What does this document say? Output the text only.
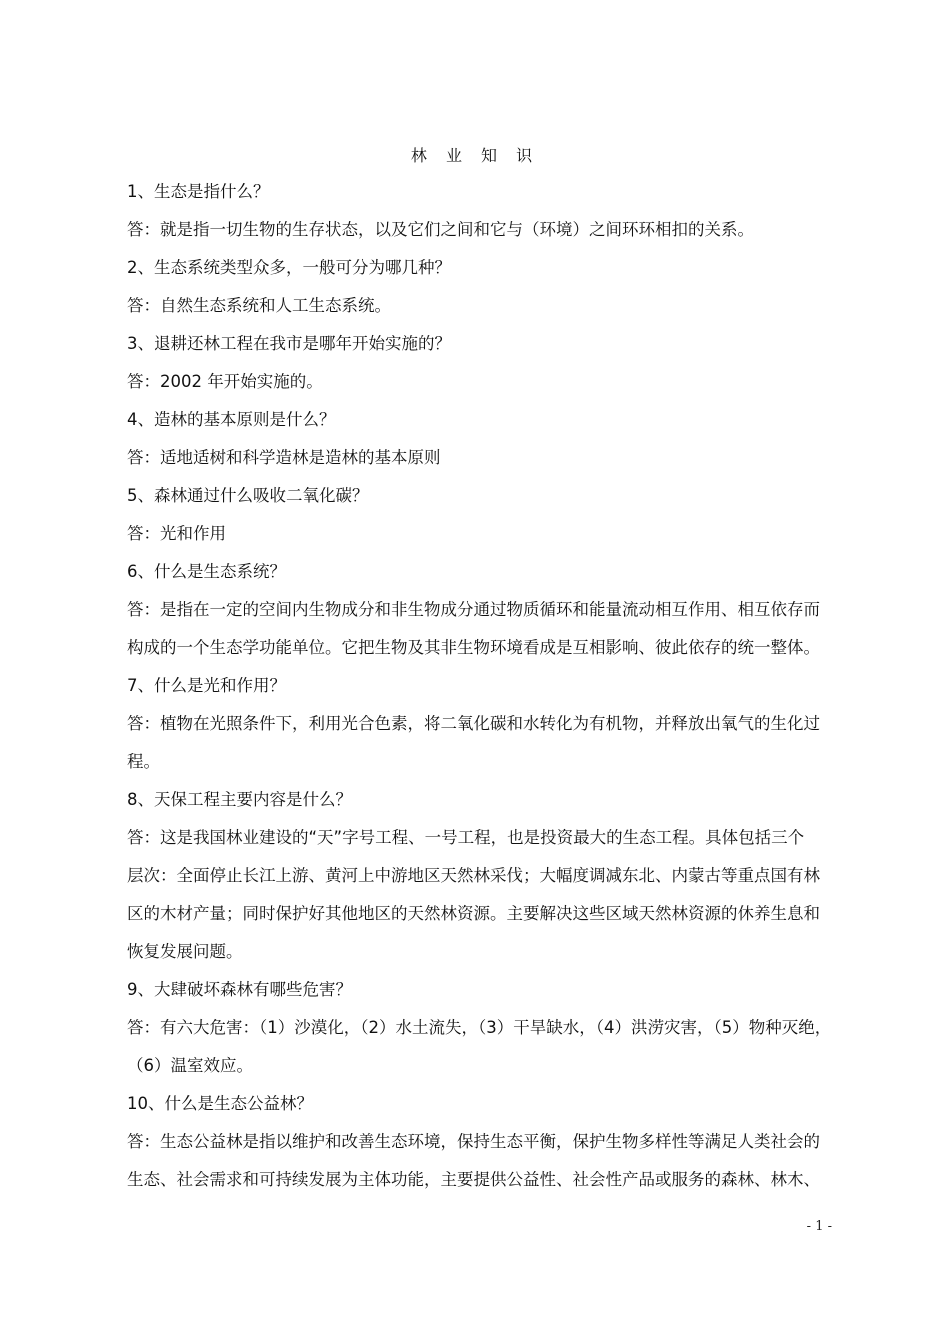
林 业 知 识

1、生态是指什么？

答：就是指一切生物的生存状态，以及它们之间和它与（环境）之间环环相扣的关系。

2、生态系统类型众多，一般可分为哪几种？

答：自然生态系统和人工生态系统。

3、退耕还林工程在我市是哪年开始实施的？

答：2002 年开始实施的。

4、造林的基本原则是什么？

答：适地适树和科学造林是造林的基本原则

5、森林通过什么吸收二氧化碳？

答：光和作用

6、什么是生态系统？

答：是指在一定的空间内生物成分和非生物成分通过物质循环和能量流动相互作用、相互依存而

构成的一个生态学功能单位。它把生物及其非生物环境看成是互相影响、彼此依存的统一整体。

7、什么是光和作用？

答：植物在光照条件下，利用光合色素，将二氧化碳和水转化为有机物，并释放出氧气的生化过

程。

8、天保工程主要内容是什么？

答：这是我国林业建设的“天”字号工程、一号工程，也是投资最大的生态工程。具体包括三个

层次：全面停止长江上游、黄河上中游地区天然林采伐；大幅度调减东北、内蒙古等重点国有林

区的木材产量；同时保护好其他地区的天然林资源。主要解决这些区域天然林资源的休养生息和

恢复发展问题。

9、大肆破坏森林有哪些危害？

答：有六大危害：（1）沙漠化，（2）水土流失，（3）干旱缺水，（4）洪涝灾害，（5）物种灭绝，

（6）温室效应。

10、什么是生态公益林？

答：生态公益林是指以维护和改善生态环境，保持生态平衡，保护生物多样性等满足人类社会的

生态、社会需求和可持续发展为主体功能，主要提供公益性、社会性产品或服务的森林、林木、

- 1 -
